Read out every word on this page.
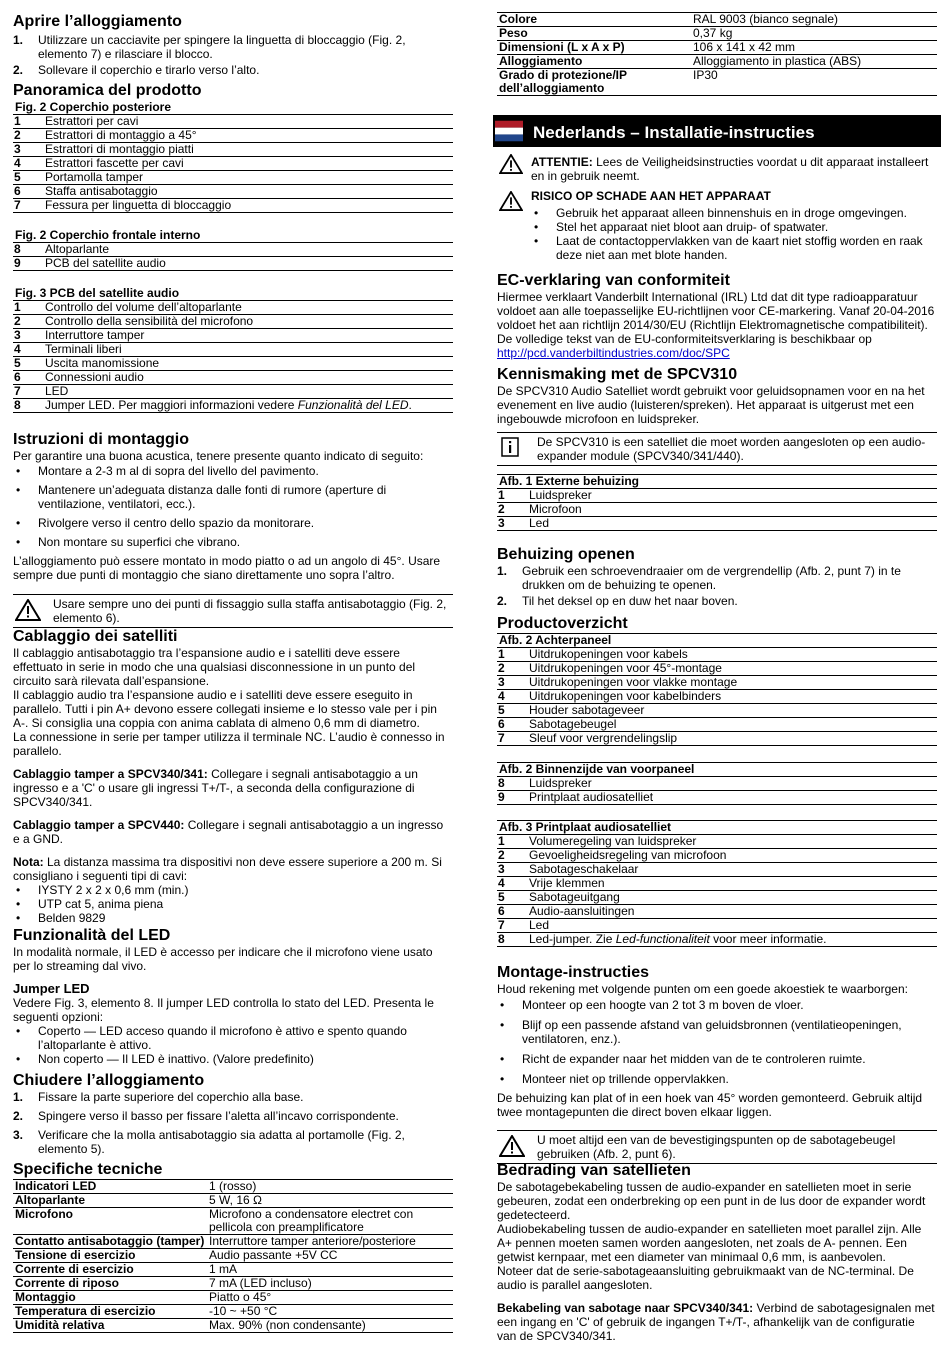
Aprire l’alloggiamento
1. Utilizzare un cacciavite per spingere la linguetta di bloccaggio (Fig. 2, elemento 7) e rilasciare il blocco.
2. Sollevare il coperchio e tirarlo verso l’alto.
Panoramica del prodotto
Fig. 2 Coperchio posteriore	
1	Estrattori per cavi
2	Estrattori di montaggio a 45°
3	Estrattori di montaggio piatti
4	Estrattori fascette per cavi
5	Portamolla tamper
6	Staffa antisabotaggio
7	Fessura per linguetta di bloccaggio
Fig. 2 Coperchio frontale interno	
8	Altoparlante
9	PCB del satellite audio
Fig. 3 PCB del satellite audio	
1	Controllo del volume dell’altoparlante
2	Controllo della sensibilità del microfono
3	Interruttore tamper
4	Terminali liberi
5	Uscita manomissione
6	Connessioni audio
7	LED
8	Jumper LED. Per maggiori informazioni vedere Funzionalità del LED.
Istruzioni di montaggio

Per garantire una buona acustica, tenere presente quanto indicato di seguito:

• Montare a 2-3 m al di sopra del livello del pavimento.
• Mantenere un’adeguata distanza dalle fonti di rumore (aperture di ventilazione, ventilatori, ecc.).
• Rivolgere verso il centro dello spazio da monitorare.
• Non montare su superfici che vibrano.

L’alloggiamento può essere montato in modo piatto o ad un angolo di 45°. Usare sempre due punti di montaggio che siano direttamente uno sopra l’altro.

Usare sempre uno dei punti di fissaggio sulla staffa antisabotaggio (Fig. 2, elemento 6).
Cablaggio dei satelliti

Il cablaggio antisabotaggio tra l’espansione audio e i satelliti deve essere effettuato in serie in modo che una qualsiasi disconnessione in un punto del circuito sarà rilevata dall’espansione.

Il cablaggio audio tra l’espansione audio e i satelliti deve essere eseguito in parallelo. Tutti i pin A+ devono essere collegati insieme e lo stesso vale per i pin A-. Si consiglia una coppia con anima cablata di almeno 0,6 mm di diametro.

La connessione in serie per tamper utilizza il terminale NC. L’audio è connesso in parallelo.

Cablaggio tamper a SPCV340/341: Collegare i segnali antisabotaggio a un ingresso e a 'C' o usare gli ingressi T+/T-, a seconda della configurazione di SPCV340/341.

Cablaggio tamper a SPCV440: Collegare i segnali antisabotaggio a un ingresso e a GND.

Nota: La distanza massima tra dispositivi non deve essere superiore a 200 m. Si consigliano i seguenti tipi di cavi:

• IYSTY 2 x 2 x 0,6 mm (min.)
• UTP cat 5, anima piena
• Belden 9829
Funzionalità del LED

In modalità normale, il LED è accesso per indicare che il microfono viene usato per lo streaming dal vivo.

Jumper LED

Vedere Fig. 3, elemento 8. Il jumper LED controlla lo stato del LED. Presenta le seguenti opzioni:

• Coperto — LED acceso quando il microfono è attivo e spento quando l’altoparlante è attivo.
• Non coperto — Il LED è inattivo. (Valore predefinito)
Chiudere l’alloggiamento
1. Fissare la parte superiore del coperchio alla base.
2. Spingere verso il basso per fissare l’aletta all’incavo corrispondente.
3. Verificare che la molla antisabotaggio sia adatta al portamolle (Fig. 2, elemento 5).
Specifiche tecniche
Indicatori LED	1 (rosso)
Altoparlante	5 W, 16 Ω
Microfono	Microfono a condensatore electret con pellicola con preamplificatore
Contatto antisabotaggio (tamper)	Interruttore tamper anteriore/posteriore
Tensione di esercizio	Audio passante +5V CC
Corrente di esercizio	1 mA
Corrente di riposo	7 mA (LED incluso)
Montaggio	Piatto o 45°
Temperatura di esercizio	-10 ~ +50 °C
Umidità relativa	Max. 90% (non condensante)
Colore	RAL 9003 (bianco segnale)
Peso	0,37 kg
Dimensioni (L x A x P)	106 x 141 x 42 mm
Alloggiamento	Alloggiamento in plastica (ABS)
Grado di protezione/IP dell’alloggiamento	IP30
Nederlands – Installatie-instructies
ATTENTIE: Lees de Veiligheidsinstructies voordat u dit apparaat installeert en in gebruik neemt.
RISICO OP SCHADE AAN HET APPARAAT
• Gebruik het apparaat alleen binnenshuis en in droge omgevingen.
• Stel het apparaat niet bloot aan druip- of spatwater.
• Laat de contactoppervlakken van de kaart niet stoffig worden en raak deze niet aan met blote handen.
EC-verklaring van conformiteit

Hiermee verklaart Vanderbilt International (IRL) Ltd dat dit type radioapparatuur voldoet aan alle toepasselijke EU-richtlijnen voor CE-markering. Vanaf 20-04-2016 voldoet het aan richtlijn 2014/30/EU (Richtlijn Elektromagnetische compatibiliteit). De volledige tekst van de EU-conformiteitsverklaring is beschikbaar op

http://pcd.vanderbiltindustries.com/doc/SPC

Kennismaking met de SPCV310

De SPCV310 Audio Satelliet wordt gebruikt voor geluidsopnamen voor en na het evenement en live audio (luisteren/spreken). Het apparaat is uitgerust met een ingebouwde microfoon en luidspreker.

De SPCV310 is een satelliet die moet worden aangesloten op een audio-expander module (SPCV340/341/440).
Afb. 1 Externe behuizing	
1	Luidspreker
2	Microfoon
3	Led
Behuizing openen
1. Gebruik een schroevendraaier om de vergrendellip (Afb. 2, punt 7) in te drukken om de behuizing te openen.
2. Til het deksel op en duw het naar boven.
Productoverzicht
Afb. 2 Achterpaneel	
1	Uitdrukopeningen voor kabels
2	Uitdrukopeningen voor 45°-montage
3	Uitdrukopeningen voor vlakke montage
4	Uitdrukopeningen voor kabelbinders
5	Houder sabotageveer
6	Sabotagebeugel
7	Sleuf voor vergrendelingslip
Afb. 2 Binnenzijde van voorpaneel	
8	Luidspreker
9	Printplaat audiosatelliet
Afb. 3 Printplaat audiosatelliet	
1	Volumeregeling van luidspreker
2	Gevoeligheidsregeling van microfoon
3	Sabotageschakelaar
4	Vrije klemmen
5	Sabotageuitgang
6	Audio-aansluitingen
7	Led
8	Led-jumper. Zie Led-functionaliteit voor meer informatie.
Montage-instructies

Houd rekening met volgende punten om een goede akoestiek te waarborgen:

• Monteer op een hoogte van 2 tot 3 m boven de vloer.
• Blijf op een passende afstand van geluidsbronnen (ventilatieopeningen, ventilatoren, enz.).
• Richt de expander naar het midden van de te controleren ruimte.
• Monteer niet op trillende oppervlakken.

De behuizing kan plat of in een hoek van 45° worden gemonteerd. Gebruik altijd twee montagepunten die direct boven elkaar liggen.

U moet altijd een van de bevestigingspunten op de sabotagebeugel gebruiken (Afb. 2, punt 6).
Bedrading van satellieten

De sabotagebekabeling tussen de audio-expander en satellieten moet in serie gebeuren, zodat een onderbreking op een punt in de lus door de expander wordt gedetecteerd.

Audiobekabeling tussen de audio-expander en satellieten moet parallel zijn. Alle A+ pennen moeten samen worden aangesloten, net zoals de A- pennen. Een getwist kernpaar, met een diameter van minimaal 0,6 mm, is aanbevolen.

Noteer dat de serie-sabotageaansluiting gebruikmaakt van de NC-terminal. De audio is parallel aangesloten.

Bekabeling van sabotage naar SPCV340/341: Verbind de sabotagesignalen met een ingang en 'C' of gebruik de ingangen T+/T-, afhankelijk van de configuratie van de SPCV340/341.
